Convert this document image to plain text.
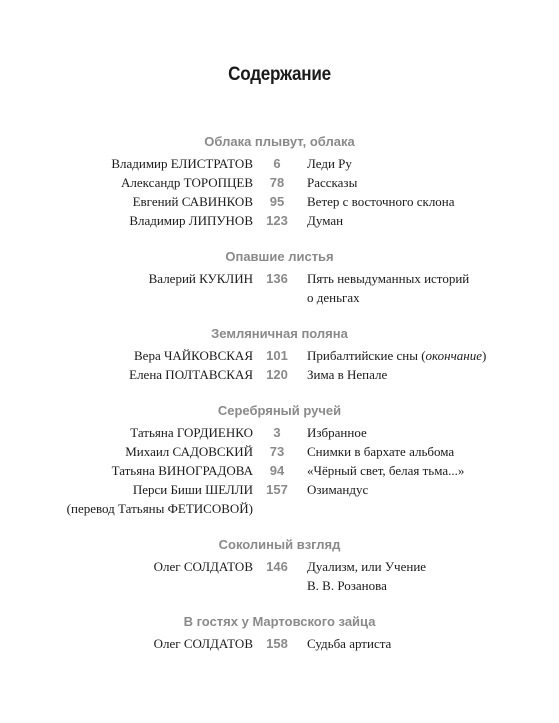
Содержание
Облака плывут, облака
Владимир ЕЛИСТРАТОВ	6	Леди Ру
Александр ТОРОПЦЕВ	78	Рассказы
Евгений САВИНКОВ	95	Ветер с восточного склона
Владимир ЛИПУНОВ	123	Думан
Опавшие листья
Валерий КУКЛИН	136	Пять невыдуманных историй
о деньгах
Земляничная поляна
Вера ЧАЙКОВСКАЯ	101	Прибалтийские сны (окончание)
Елена ПОЛТАВСКАЯ	120	Зима в Непале
Серебряный ручей
Татьяна ГОРДИЕНКО	3	Избранное
Михаил САДОВСКИЙ	73	Снимки в бархате альбома
Татьяна ВИНОГРАДОВА	94	«Чёрный свет, белая тьма...»
Перси Биши ШЕЛЛИ	157	Озимандус
(перевод Татьяны ФЕТИСОВОЙ)
Соколиный взгляд
Олег СОЛДАТОВ	146	Дуализм, или Учение
В. В. Розанова
В гостях у Мартовского зайца
Олег СОЛДАТОВ	158	Судьба артиста
